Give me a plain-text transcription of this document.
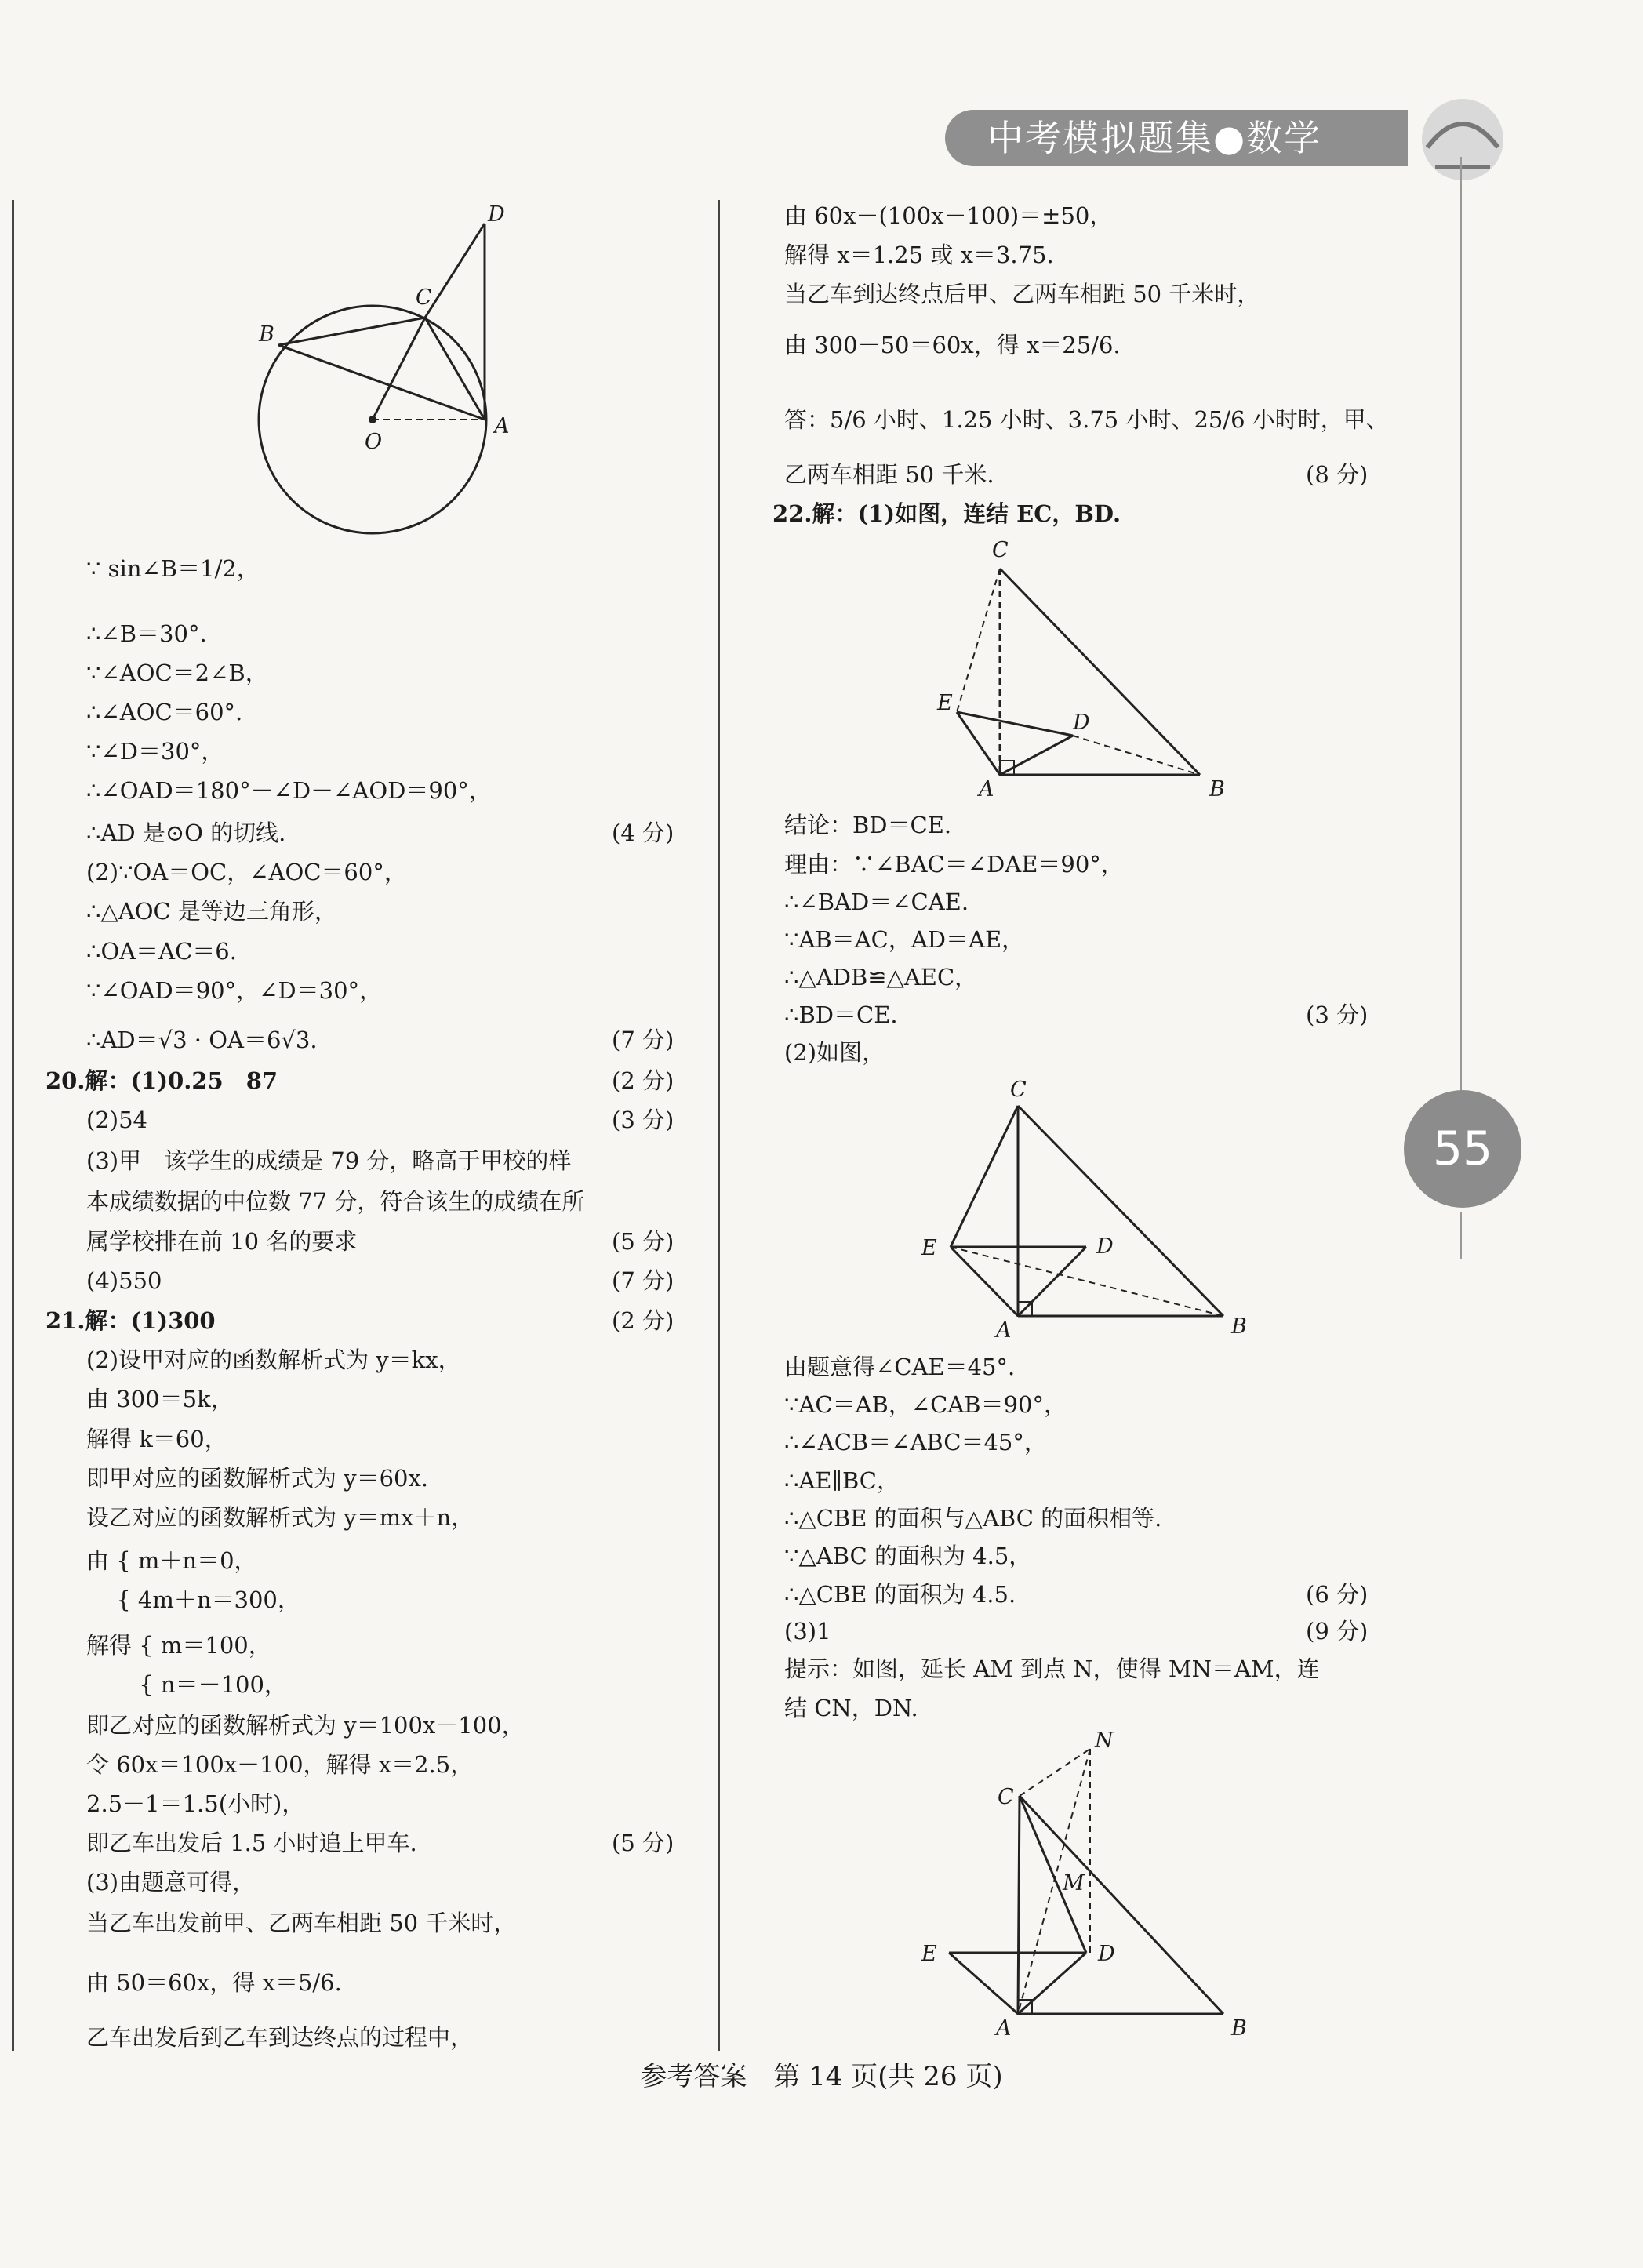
中考模拟题集●数学
55
D
C
B
O
A
∵ sin∠B＝1/2，
∴∠B＝30°.
∵∠AOC＝2∠B，
∴∠AOC＝60°.
∵∠D＝30°，
∴∠OAD＝180°－∠D－∠AOD＝90°，
∴AD 是⊙O 的切线.	(4 分)
(2)∵OA＝OC，∠AOC＝60°，
∴△AOC 是等边三角形，
∴OA＝AC＝6.
∵∠OAD＝90°，∠D＝30°，
∴AD＝√3 · OA＝6√3.	(7 分)
20.解：(1)0.25　87	(2 分)
(2)54	(3 分)
(3)甲　该学生的成绩是 79 分，略高于甲校的样
本成绩数据的中位数 77 分，符合该生的成绩在所
属学校排在前 10 名的要求	(5 分)
(4)550	(7 分)
21.解：(1)300	(2 分)
(2)设甲对应的函数解析式为 y＝kx，
由 300＝5k，
解得 k＝60，
即甲对应的函数解析式为 y＝60x.
设乙对应的函数解析式为 y＝mx＋n，
由 { m＋n＝0，
　 { 4m＋n＝300，
解得 { m＝100，
　　 { n＝－100，
即乙对应的函数解析式为 y＝100x－100，
令 60x＝100x－100，解得 x＝2.5，
2.5－1＝1.5(小时)，
即乙车出发后 1.5 小时追上甲车.	(5 分)
(3)由题意可得，
当乙车出发前甲、乙两车相距 50 千米时，
由 50＝60x，得 x＝5/6.
乙车出发后到乙车到达终点的过程中，
由 60x－(100x－100)＝±50，
解得 x＝1.25 或 x＝3.75.
当乙车到达终点后甲、乙两车相距 50 千米时，
由 300－50＝60x，得 x＝25/6.
答：5/6 小时、1.25 小时、3.75 小时、25/6 小时时，甲、
乙两车相距 50 千米.	(8 分)
22.解：(1)如图，连结 EC，BD.
结论：BD＝CE.
理由：∵∠BAC＝∠DAE＝90°，
∴∠BAD＝∠CAE.
∵AB＝AC，AD＝AE，
∴△ADB≌△AEC，
∴BD＝CE.	(3 分)
(2)如图，
由题意得∠CAE＝45°.
∵AC＝AB，∠CAB＝90°，
∴∠ACB＝∠ABC＝45°，
∴AE∥BC，
∴△CBE 的面积与△ABC 的面积相等.
∵△ABC 的面积为 4.5，
∴△CBE 的面积为 4.5.	(6 分)
(3)1	(9 分)
提示：如图，延长 AM 到点 N，使得 MN＝AM，连
结 CN，DN.
C
E
D
A	B
C
E	D
A	B
N
C
M
E	D
A	B
参考答案　第 14 页(共 26 页)
